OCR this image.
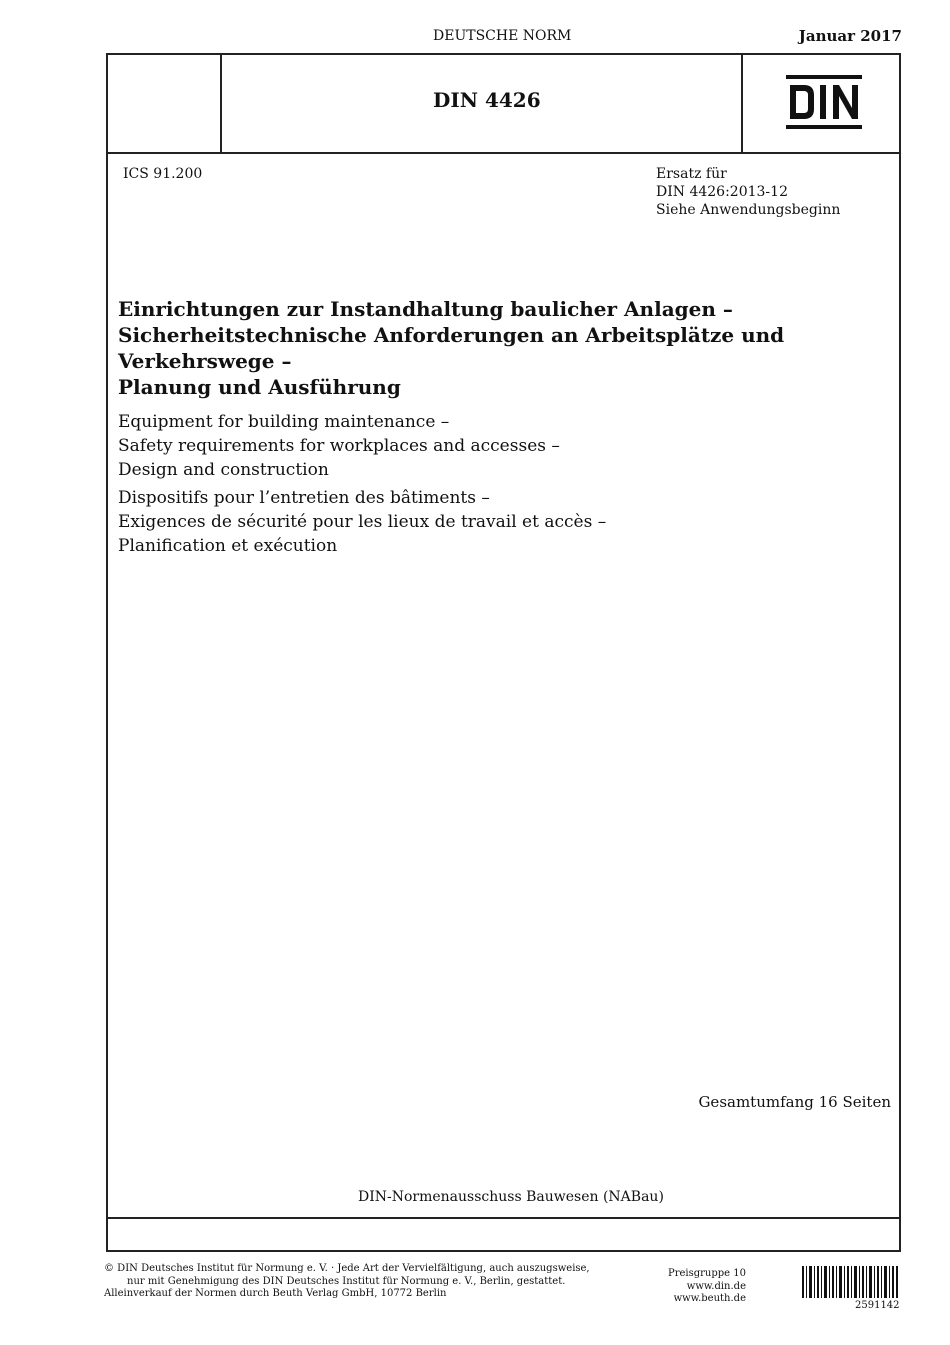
DEUTSCHE NORM	Januar 2017
DIN 4426
ICS 91.200	Ersatz für
DIN 4426:2013-12
Siehe Anwendungsbeginn
Einrichtungen zur Instandhaltung baulicher Anlagen –
Sicherheitstechnische Anforderungen an Arbeitsplätze und
Verkehrswege –
Planung und Ausführung
Equipment for building maintenance –
Safety requirements for workplaces and accesses –
Design and construction
Dispositifs pour l’entretien des bâtiments –
Exigences de sécurité pour les lieux de travail et accès –
Planification et exécution
Gesamtumfang 16 Seiten
DIN-Normenausschuss Bauwesen (NABau)
© DIN Deutsches Institut für Normung e. V. · Jede Art der Vervielfältigung, auch auszugsweise,
nur mit Genehmigung des DIN Deutsches Institut für Normung e. V., Berlin, gestattet.
Alleinverkauf der Normen durch Beuth Verlag GmbH, 10772 Berlin
Preisgruppe 10
www.din.de
www.beuth.de
2591142
